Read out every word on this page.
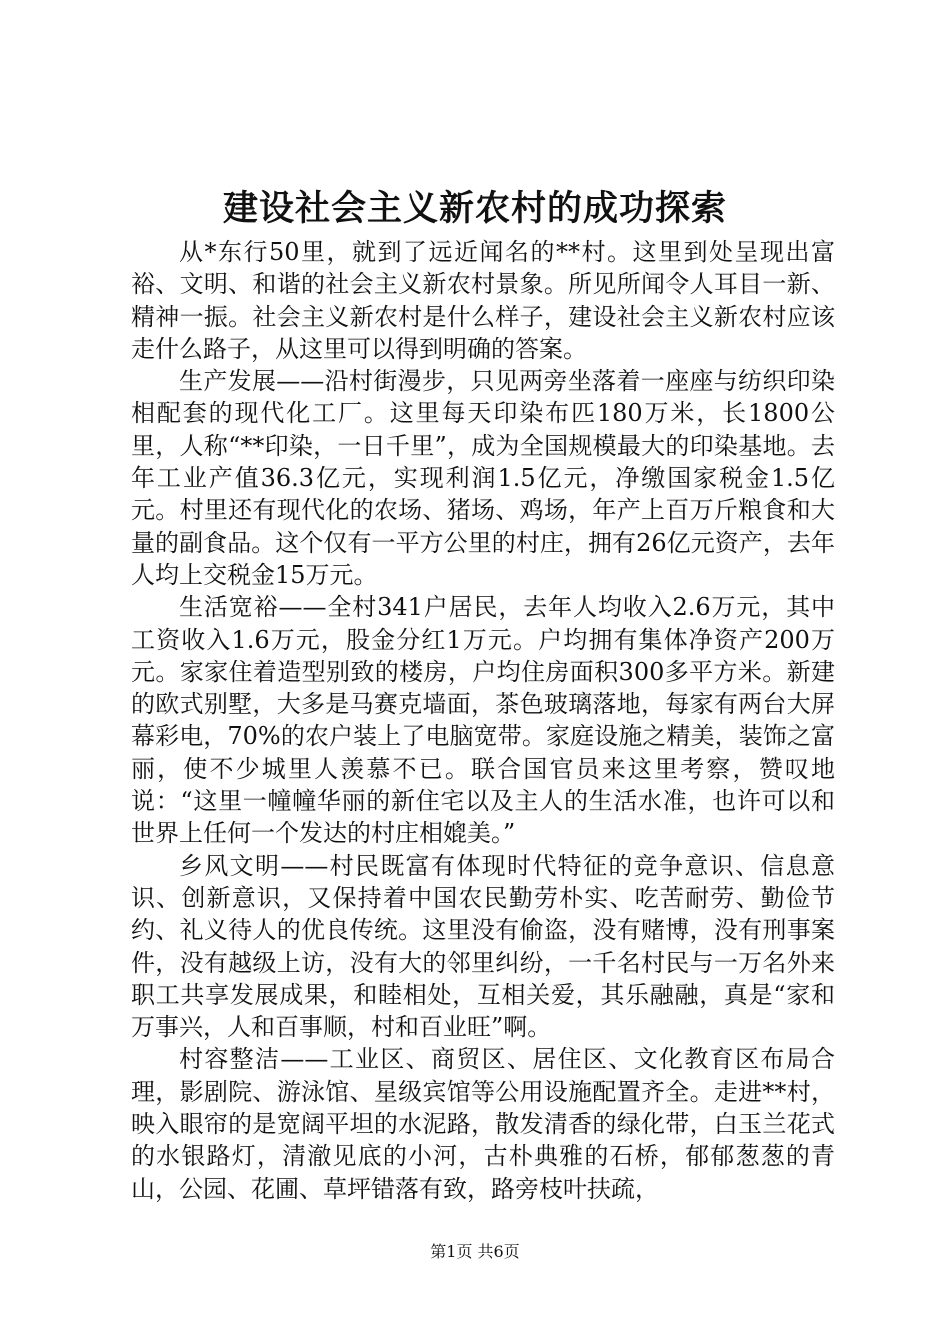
建设社会主义新农村的成功探索

从*东行50里，就到了远近闻名的**村。这里到处呈现出富裕、文明、和谐的社会主义新农村景象。所见所闻令人耳目一新、精神一振。社会主义新农村是什么样子，建设社会主义新农村应该走什么路子，从这里可以得到明确的答案。

生产发展——沿村街漫步，只见两旁坐落着一座座与纺织印染相配套的现代化工厂。这里每天印染布匹180万米，长1800公里，人称“**印染，一日千里”，成为全国规模最大的印染基地。去年工业产值36.3亿元，实现利润1.5亿元，净缴国家税金1.5亿元。村里还有现代化的农场、猪场、鸡场，年产上百万斤粮食和大量的副食品。这个仅有一平方公里的村庄，拥有26亿元资产，去年人均上交税金15万元。

生活宽裕——全村341户居民，去年人均收入2.6万元，其中工资收入1.6万元，股金分红1万元。户均拥有集体净资产200万元。家家住着造型别致的楼房，户均住房面积300多平方米。新建的欧式别墅，大多是马赛克墙面，茶色玻璃落地，每家有两台大屏幕彩电，70%的农户装上了电脑宽带。家庭设施之精美，装饰之富丽，使不少城里人羡慕不已。联合国官员来这里考察，赞叹地说：“这里一幢幢华丽的新住宅以及主人的生活水准，也许可以和世界上任何一个发达的村庄相媲美。”

乡风文明——村民既富有体现时代特征的竞争意识、信息意识、创新意识，又保持着中国农民勤劳朴实、吃苦耐劳、勤俭节约、礼义待人的优良传统。这里没有偷盗，没有赌博，没有刑事案件，没有越级上访，没有大的邻里纠纷，一千名村民与一万名外来职工共享发展成果，和睦相处，互相关爱，其乐融融，真是“家和万事兴，人和百事顺，村和百业旺”啊。

村容整洁——工业区、商贸区、居住区、文化教育区布局合理，影剧院、游泳馆、星级宾馆等公用设施配置齐全。走进**村，映入眼帘的是宽阔平坦的水泥路，散发清香的绿化带，白玉兰花式的水银路灯，清澈见底的小河，古朴典雅的石桥，郁郁葱葱的青山，公园、花圃、草坪错落有致，路旁枝叶扶疏，

第1页 共6页
